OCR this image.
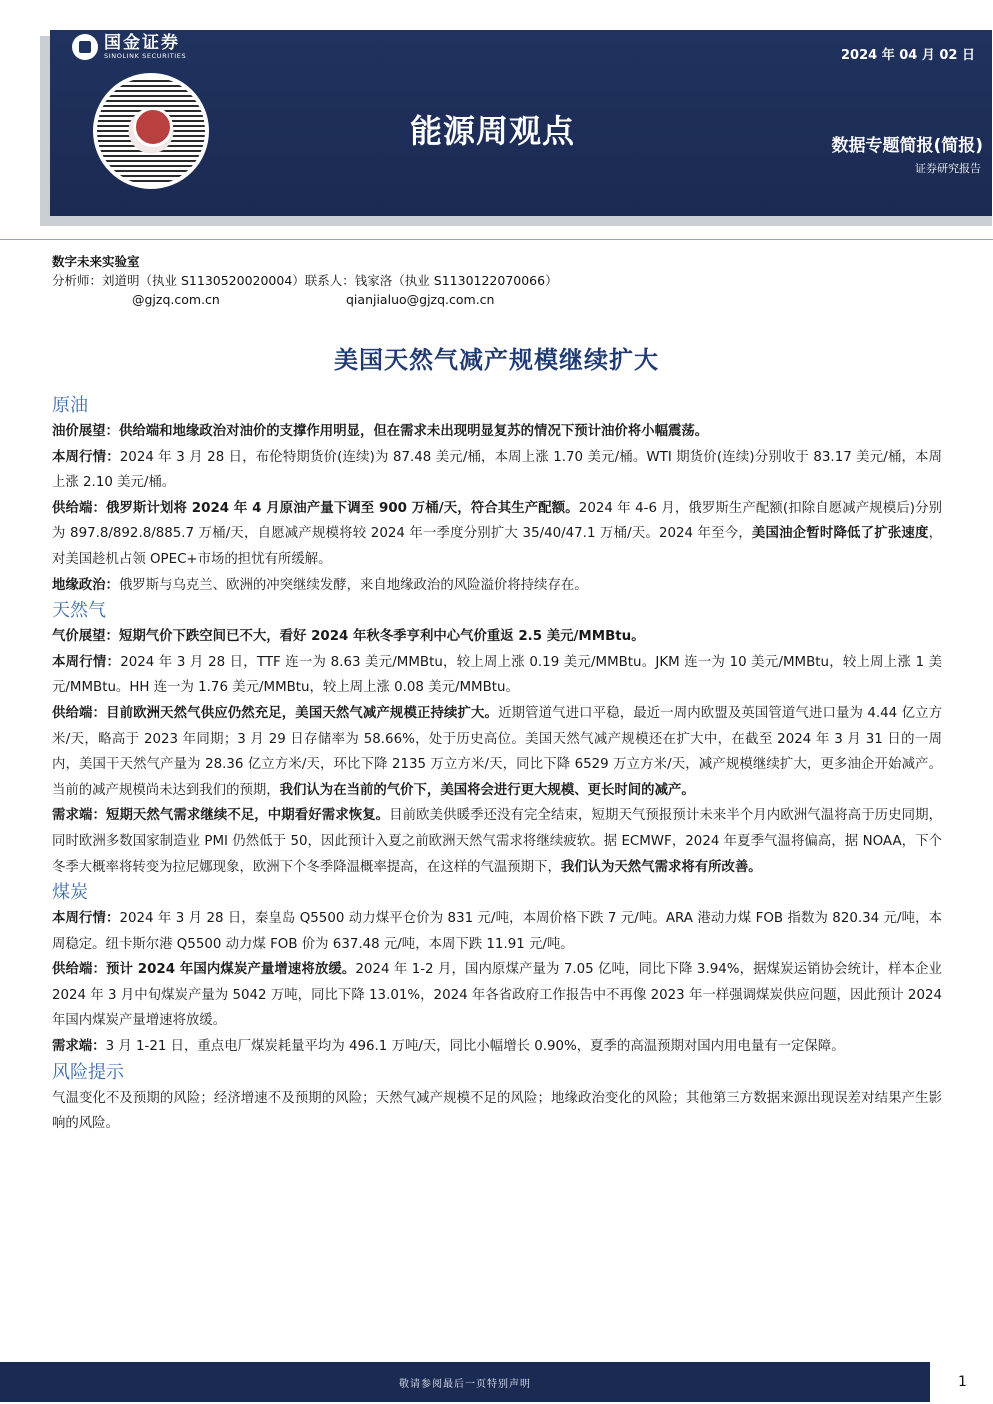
国金证券
SINOLINK SECURITIES	2024 年 04 月 02 日
能源周观点	数据专题简报(简报)
证券研究报告
数字未来实验室
分析师：刘道明（执业 S1130520020004）联系人：钱家洛（执业 S1130122070066）
@gjzq.com.cn	qianjialuo@gjzq.com.cn
美国天然气减产规模继续扩大

原油

油价展望：供给端和地缘政治对油价的支撑作用明显，但在需求未出现明显复苏的情况下预计油价将小幅震荡。

本周行情：2024 年 3 月 28 日，布伦特期货价(连续)为 87.48 美元/桶，本周上涨 1.70 美元/桶。WTI 期货价(连续)分别收于 83.17 美元/桶，本周上涨 2.10 美元/桶。

供给端：俄罗斯计划将 2024 年 4 月原油产量下调至 900 万桶/天，符合其生产配额。2024 年 4-6 月，俄罗斯生产配额(扣除自愿减产规模后)分别为 897.8/892.8/885.7 万桶/天，自愿减产规模将较 2024 年一季度分别扩大 35/40/47.1 万桶/天。2024 年至今，美国油企暂时降低了扩张速度，对美国趁机占领 OPEC+市场的担忧有所缓解。

地缘政治：俄罗斯与乌克兰、欧洲的冲突继续发酵，来自地缘政治的风险溢价将持续存在。

天然气

气价展望：短期气价下跌空间已不大，看好 2024 年秋冬季亨利中心气价重返 2.5 美元/MMBtu。

本周行情：2024 年 3 月 28 日，TTF 连一为 8.63 美元/MMBtu，较上周上涨 0.19 美元/MMBtu。JKM 连一为 10 美元/MMBtu，较上周上涨 1 美元/MMBtu。HH 连一为 1.76 美元/MMBtu，较上周上涨 0.08 美元/MMBtu。

供给端：目前欧洲天然气供应仍然充足，美国天然气减产规模正持续扩大。近期管道气进口平稳，最近一周内欧盟及英国管道气进口量为 4.44 亿立方米/天，略高于 2023 年同期；3 月 29 日存储率为 58.66%，处于历史高位。美国天然气减产规模还在扩大中，在截至 2024 年 3 月 31 日的一周内，美国干天然气产量为 28.36 亿立方米/天，环比下降 2135 万立方米/天，同比下降 6529 万立方米/天，减产规模继续扩大，更多油企开始减产。当前的减产规模尚未达到我们的预期，我们认为在当前的气价下，美国将会进行更大规模、更长时间的减产。

需求端：短期天然气需求继续不足，中期看好需求恢复。目前欧美供暖季还没有完全结束，短期天气预报预计未来半个月内欧洲气温将高于历史同期，同时欧洲多数国家制造业 PMI 仍然低于 50，因此预计入夏之前欧洲天然气需求将继续疲软。据 ECMWF，2024 年夏季气温将偏高，据 NOAA，下个冬季大概率将转变为拉尼娜现象，欧洲下个冬季降温概率提高，在这样的气温预期下，我们认为天然气需求将有所改善。

煤炭

本周行情：2024 年 3 月 28 日，秦皇岛 Q5500 动力煤平仓价为 831 元/吨，本周价格下跌 7 元/吨。ARA 港动力煤 FOB 指数为 820.34 元/吨，本周稳定。纽卡斯尔港 Q5500 动力煤 FOB 价为 637.48 元/吨，本周下跌 11.91 元/吨。

供给端：预计 2024 年国内煤炭产量增速将放缓。2024 年 1-2 月，国内原煤产量为 7.05 亿吨，同比下降 3.94%，据煤炭运销协会统计，样本企业 2024 年 3 月中旬煤炭产量为 5042 万吨，同比下降 13.01%，2024 年各省政府工作报告中不再像 2023 年一样强调煤炭供应问题，因此预计 2024 年国内煤炭产量增速将放缓。

需求端：3 月 1-21 日，重点电厂煤炭耗量平均为 496.1 万吨/天，同比小幅增长 0.90%，夏季的高温预期对国内用电量有一定保障。

风险提示

气温变化不及预期的风险；经济增速不及预期的风险；天然气减产规模不足的风险；地缘政治变化的风险；其他第三方数据来源出现误差对结果产生影响的风险。

敬请参阅最后一页特别声明	1
